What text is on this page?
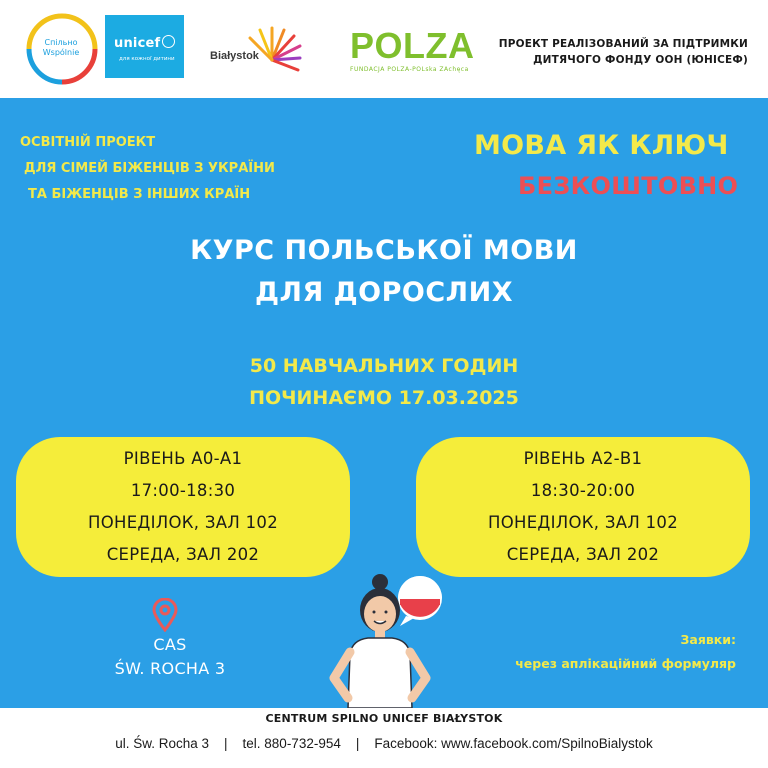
Спільно Wspólnie
unicef
для кожної дитини	Białystok	POLZA
FUNDACJA POLZA-POLska ZAchęca
ПРОЕКТ РЕАЛІЗОВАНИЙ ЗА ПІДТРИМКИ
ДИТЯЧОГО ФОНДУ ООН (ЮНІСЕФ)
ОСВІТНІЙ ПРОЕКТ
ДЛЯ СІМЕЙ БІЖЕНЦІВ З УКРАЇНИ
ТА БІЖЕНЦІВ З ІНШИХ КРАЇН
МОВА ЯК КЛЮЧ
БЕЗКОШТОВНО
КУРС ПОЛЬСЬКОЇ МОВИ
ДЛЯ ДОРОСЛИХ
50 НАВЧАЛЬНИХ ГОДИН
ПОЧИНАЄМО 17.03.2025
РІВЕНЬ А0-А1
17:00-18:30
ПОНЕДІЛОК, ЗАЛ 102
СЕРЕДА, ЗАЛ 202
РІВЕНЬ А2-В1
18:30-20:00
ПОНЕДІЛОК, ЗАЛ 102
СЕРЕДА, ЗАЛ 202
CAS
ŚW. ROCHA 3
Заявки:
через аплікаційний формуляр
CENTRUM SPILNO UNICEF BIAŁYSTOK
ul. Św. Rocha 3    |    tel. 880-732-954    |    Facebook: www.facebook.com/SpilnoBialystok
